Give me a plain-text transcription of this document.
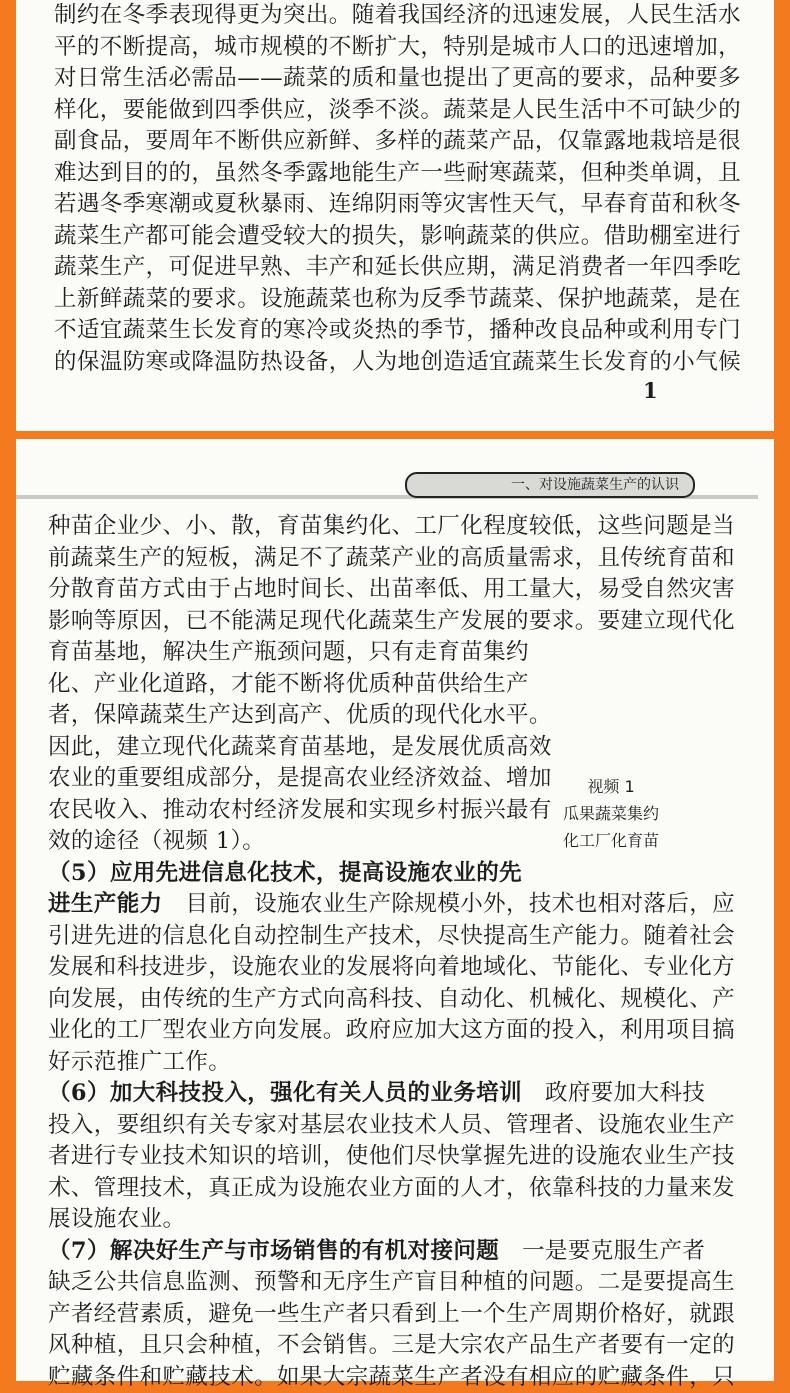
制约在冬季表现得更为突出。随着我国经济的迅速发展，人民生活水
平的不断提高，城市规模的不断扩大，特别是城市人口的迅速增加，
对日常生活必需品——蔬菜的质和量也提出了更高的要求，品种要多
样化，要能做到四季供应，淡季不淡。蔬菜是人民生活中不可缺少的
副食品，要周年不断供应新鲜、多样的蔬菜产品，仅靠露地栽培是很
难达到目的的，虽然冬季露地能生产一些耐寒蔬菜，但种类单调，且
若遇冬季寒潮或夏秋暴雨、连绵阴雨等灾害性天气，早春育苗和秋冬
蔬菜生产都可能会遭受较大的损失，影响蔬菜的供应。借助棚室进行
蔬菜生产，可促进早熟、丰产和延长供应期，满足消费者一年四季吃
上新鲜蔬菜的要求。设施蔬菜也称为反季节蔬菜、保护地蔬菜，是在
不适宜蔬菜生长发育的寒冷或炎热的季节，播种改良品种或利用专门
的保温防寒或降温防热设备，人为地创造适宜蔬菜生长发育的小气候
1
一、对设施蔬菜生产的认识
种苗企业少、小、散，育苗集约化、工厂化程度较低，这些问题是当
前蔬菜生产的短板，满足不了蔬菜产业的高质量需求，且传统育苗和
分散育苗方式由于占地时间长、出苗率低、用工量大，易受自然灾害
影响等原因，已不能满足现代化蔬菜生产发展的要求。要建立现代化
育苗基地，解决生产瓶颈问题，只有走育苗集约
化、产业化道路，才能不断将优质种苗供给生产
者，保障蔬菜生产达到高产、优质的现代化水平。
因此，建立现代化蔬菜育苗基地，是发展优质高效
农业的重要组成部分，是提高农业经济效益、增加
农民收入、推动农村经济发展和实现乡村振兴最有
效的途径（视频 1）。
（5）应用先进信息化技术，提高设施农业的先
进生产能力  目前，设施农业生产除规模小外，技术也相对落后，应
引进先进的信息化自动控制生产技术，尽快提高生产能力。随着社会
发展和科技进步，设施农业的发展将向着地域化、节能化、专业化方
向发展，由传统的生产方式向高科技、自动化、机械化、规模化、产
业化的工厂型农业方向发展。政府应加大这方面的投入，利用项目搞
好示范推广工作。
（6）加大科技投入，强化有关人员的业务培训  政府要加大科技
投入，要组织有关专家对基层农业技术人员、管理者、设施农业生产
者进行专业技术知识的培训，使他们尽快掌握先进的设施农业生产技
术、管理技术，真正成为设施农业方面的人才，依靠科技的力量来发
展设施农业。
（7）解决好生产与市场销售的有机对接问题  一是要克服生产者
缺乏公共信息监测、预警和无序生产盲目种植的问题。二是要提高生
产者经营素质，避免一些生产者只看到上一个生产周期价格好，就跟
风种植，且只会种植，不会销售。三是大宗农产品生产者要有一定的
贮藏条件和贮藏技术。如果大宗蔬菜生产者没有相应的贮藏条件，只
视频 1
瓜果蔬菜集约
化工厂化育苗
